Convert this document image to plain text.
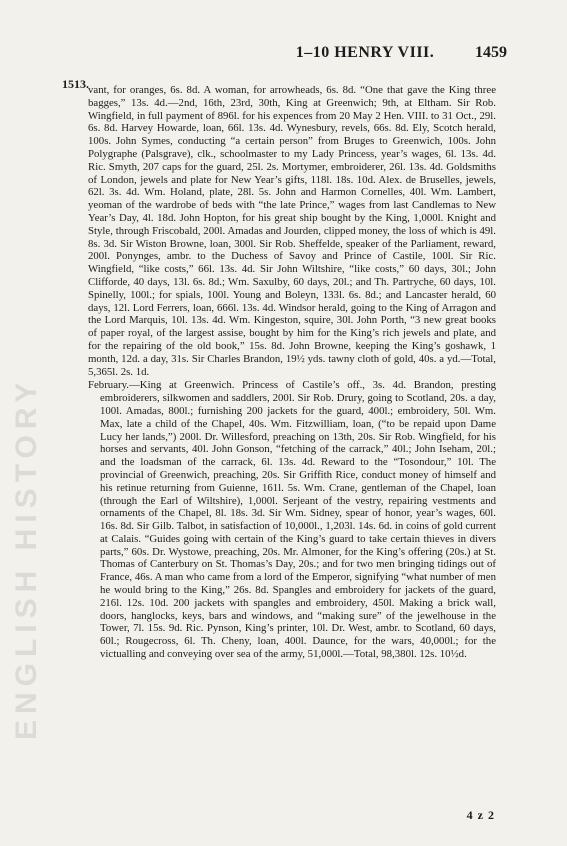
ENGLISH HISTORY
1–10 HENRY VIII.	1459
1513. vant, for oranges, 6s. 8d. A woman, for arrowheads, 6s. 8d. “One that gave the King three bagges,” 13s. 4d.—2nd, 16th, 23rd, 30th, King at Greenwich; 9th, at Eltham. Sir Rob. Wingfield, in full payment of 896l. for his expences from 20 May 2 Hen. VIII. to 31 Oct., 29l. 6s. 8d. Harvey Howarde, loan, 66l. 13s. 4d. Wynesbury, revels, 66s. 8d. Ely, Scotch herald, 100s. John Symes, conducting “a certain person” from Bruges to Greenwich, 100s. John Polygraphe (Palsgrave), clk., schoolmaster to my Lady Princess, year’s wages, 6l. 13s. 4d. Ric. Smyth, 207 caps for the guard, 25l. 2s. Mortymer, embroiderer, 26l. 13s. 4d. Goldsmiths of London, jewels and plate for New Year’s gifts, 118l. 18s. 10d. Alex. de Bruselles, jewels, 62l. 3s. 4d. Wm. Holand, plate, 28l. 5s. John and Harmon Cornelles, 40l. Wm. Lambert, yeoman of the wardrobe of beds with “the late Prince,” wages from last Candlemas to New Year’s Day, 4l. 18d. John Hopton, for his great ship bought by the King, 1,000l. Knight and Style, through Friscobald, 200l. Amadas and Jourden, clipped money, the loss of which is 49l. 8s. 3d. Sir Wiston Browne, loan, 300l. Sir Rob. Sheffelde, speaker of the Parliament, reward, 200l. Ponynges, ambr. to the Duchess of Savoy and Prince of Castile, 100l. Sir Ric. Wingfield, “like costs,” 66l. 13s. 4d. Sir John Wiltshire, “like costs,” 60 days, 30l.; John Clifforde, 40 days, 13l. 6s. 8d.; Wm. Saxulby, 60 days, 20l.; and Th. Partryche, 60 days, 10l. Spinelly, 100l.; for spials, 100l. Young and Boleyn, 133l. 6s. 8d.; and Lancaster herald, 60 days, 12l. Lord Ferrers, loan, 666l. 13s. 4d. Windsor herald, going to the King of Arragon and the Lord Marquis, 10l. 13s. 4d. Wm. Kingeston, squire, 30l. John Porth, “3 new great books of paper royal, of the largest assise, bought by him for the King’s rich jewels and plate, and for the repairing of the old book,” 15s. 8d. John Browne, keeping the King’s goshawk, 1 month, 12d. a day, 31s. Sir Charles Brandon, 19½ yds. tawny cloth of gold, 40s. a yd.—Total, 5,365l. 2s. 1d.

February.—King at Greenwich. Princess of Castile’s off., 3s. 4d. Brandon, presting embroiderers, silkwomen and saddlers, 200l. Sir Rob. Drury, going to Scotland, 20s. a day, 100l. Amadas, 800l.; furnishing 200 jackets for the guard, 400l.; embroidery, 50l. Wm. Max, late a child of the Chapel, 40s. Wm. Fitzwilliam, loan, (“to be repaid upon Dame Lucy her lands,”) 200l. Dr. Willesford, preaching on 13th, 20s. Sir Rob. Wingfield, for his horses and servants, 40l. John Gonson, “fetching of the carrack,” 40l.; John Iseham, 20l.; and the loadsman of the carrack, 6l. 13s. 4d. Reward to the “Tosondour,” 10l. The provincial of Greenwich, preaching, 20s. Sir Griffith Rice, conduct money of himself and his retinue returning from Guienne, 161l. 5s. Wm. Crane, gentleman of the Chapel, loan (through the Earl of Wiltshire), 1,000l. Serjeant of the vestry, repairing vestments and ornaments of the Chapel, 8l. 18s. 3d. Sir Wm. Sidney, spear of honor, year’s wages, 60l. 16s. 8d. Sir Gilb. Talbot, in satisfaction of 10,000l., 1,203l. 14s. 6d. in coins of gold current at Calais. “Guides going with certain of the King’s guard to take certain thieves in divers parts,” 60s. Dr. Wystowe, preaching, 20s. Mr. Almoner, for the King’s offering (20s.) at St. Thomas of Canterbury on St. Thomas’s Day, 20s.; and for two men bringing tidings out of France, 46s. A man who came from a lord of the Emperor, signifying “what number of men he would bring to the King,” 26s. 8d. Spangles and embroidery for jackets of the guard, 216l. 12s. 10d. 200 jackets with spangles and embroidery, 450l. Making a brick wall, doors, hanglocks, keys, bars and windows, and “making sure” of the jewelhouse in the Tower, 7l. 15s. 9d. Ric. Pynson, King’s printer, 10l. Dr. West, ambr. to Scotland, 60 days, 60l.; Rougecross, 6l. Th. Cheny, loan, 400l. Daunce, for the wars, 40,000l.; for the victualling and conveying over sea of the army, 51,000l.—Total, 98,380l. 12s. 10½d.

4 z 2
